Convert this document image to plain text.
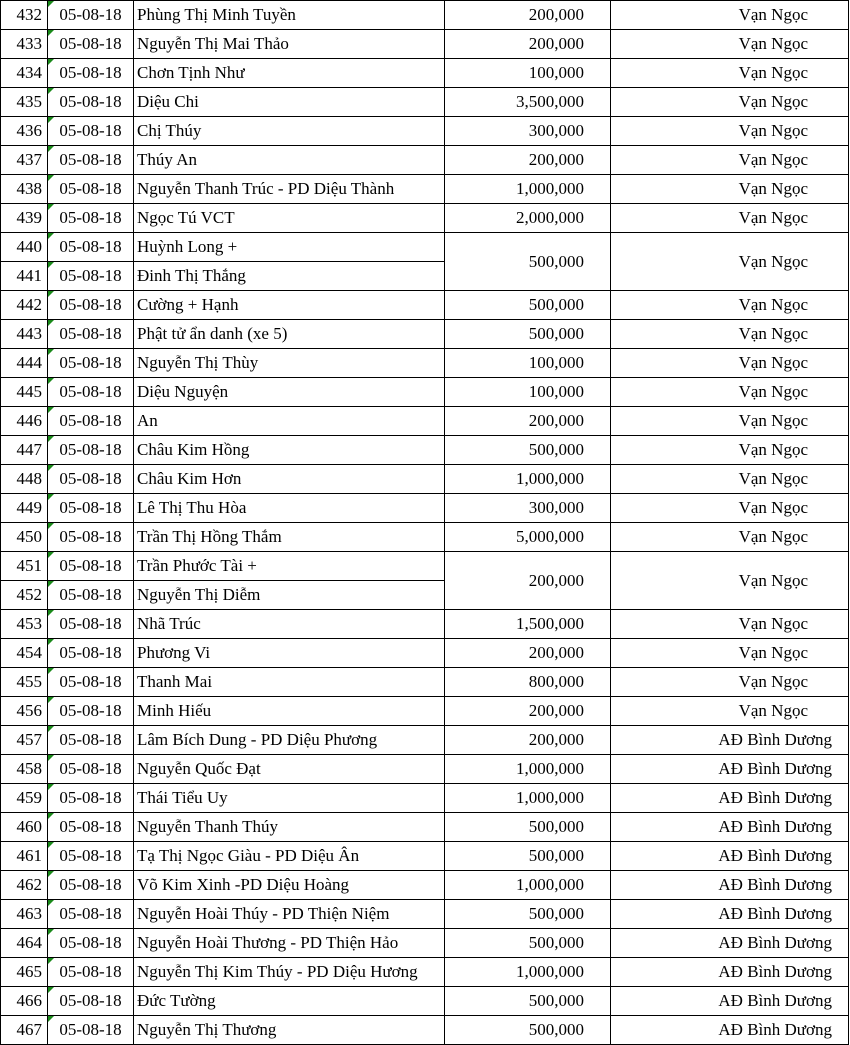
432	05-08-18	Phùng Thị Minh Tuyền	200,000	Vạn Ngọc
433	05-08-18	Nguyễn Thị Mai Thảo	200,000	Vạn Ngọc
434	05-08-18	Chơn Tịnh Như	100,000	Vạn Ngọc
435	05-08-18	Diệu Chi	3,500,000	Vạn Ngọc
436	05-08-18	Chị Thúy	300,000	Vạn Ngọc
437	05-08-18	Thúy An	200,000	Vạn Ngọc
438	05-08-18	Nguyễn Thanh Trúc - PD Diệu Thành	1,000,000	Vạn Ngọc
439	05-08-18	Ngọc Tú VCT	2,000,000	Vạn Ngọc
440	05-08-18	Huỳnh Long +	500,000	Vạn Ngọc
441	05-08-18	Đinh Thị Thắng		
442	05-08-18	Cường + Hạnh	500,000	Vạn Ngọc
443	05-08-18	Phật tử ẩn danh (xe 5)	500,000	Vạn Ngọc
444	05-08-18	Nguyễn Thị Thùy	100,000	Vạn Ngọc
445	05-08-18	Diệu Nguyện	100,000	Vạn Ngọc
446	05-08-18	An	200,000	Vạn Ngọc
447	05-08-18	Châu Kim Hồng	500,000	Vạn Ngọc
448	05-08-18	Châu Kim Hơn	1,000,000	Vạn Ngọc
449	05-08-18	Lê Thị Thu Hòa	300,000	Vạn Ngọc
450	05-08-18	Trần Thị Hồng Thắm	5,000,000	Vạn Ngọc
451	05-08-18	Trần Phước Tài +	200,000	Vạn Ngọc
452	05-08-18	Nguyễn Thị Diễm		
453	05-08-18	Nhã Trúc	1,500,000	Vạn Ngọc
454	05-08-18	Phương Vi	200,000	Vạn Ngọc
455	05-08-18	Thanh Mai	800,000	Vạn Ngọc
456	05-08-18	Minh Hiếu	200,000	Vạn Ngọc
457	05-08-18	Lâm Bích Dung - PD Diệu Phương	200,000	AĐ Bình Dương
458	05-08-18	Nguyễn Quốc Đạt	1,000,000	AĐ Bình Dương
459	05-08-18	Thái Tiểu Uy	1,000,000	AĐ Bình Dương
460	05-08-18	Nguyễn Thanh Thúy	500,000	AĐ Bình Dương
461	05-08-18	Tạ Thị Ngọc Giàu - PD Diệu Ân	500,000	AĐ Bình Dương
462	05-08-18	Võ Kim Xinh -PD Diệu Hoàng	1,000,000	AĐ Bình Dương
463	05-08-18	Nguyễn Hoài Thúy - PD Thiện Niệm	500,000	AĐ Bình Dương
464	05-08-18	Nguyễn Hoài Thương - PD Thiện Hảo	500,000	AĐ Bình Dương
465	05-08-18	Nguyễn Thị Kim Thúy - PD Diệu Hương	1,000,000	AĐ Bình Dương
466	05-08-18	Đức Tường	500,000	AĐ Bình Dương
467	05-08-18	Nguyễn Thị Thương	500,000	AĐ Bình Dương
